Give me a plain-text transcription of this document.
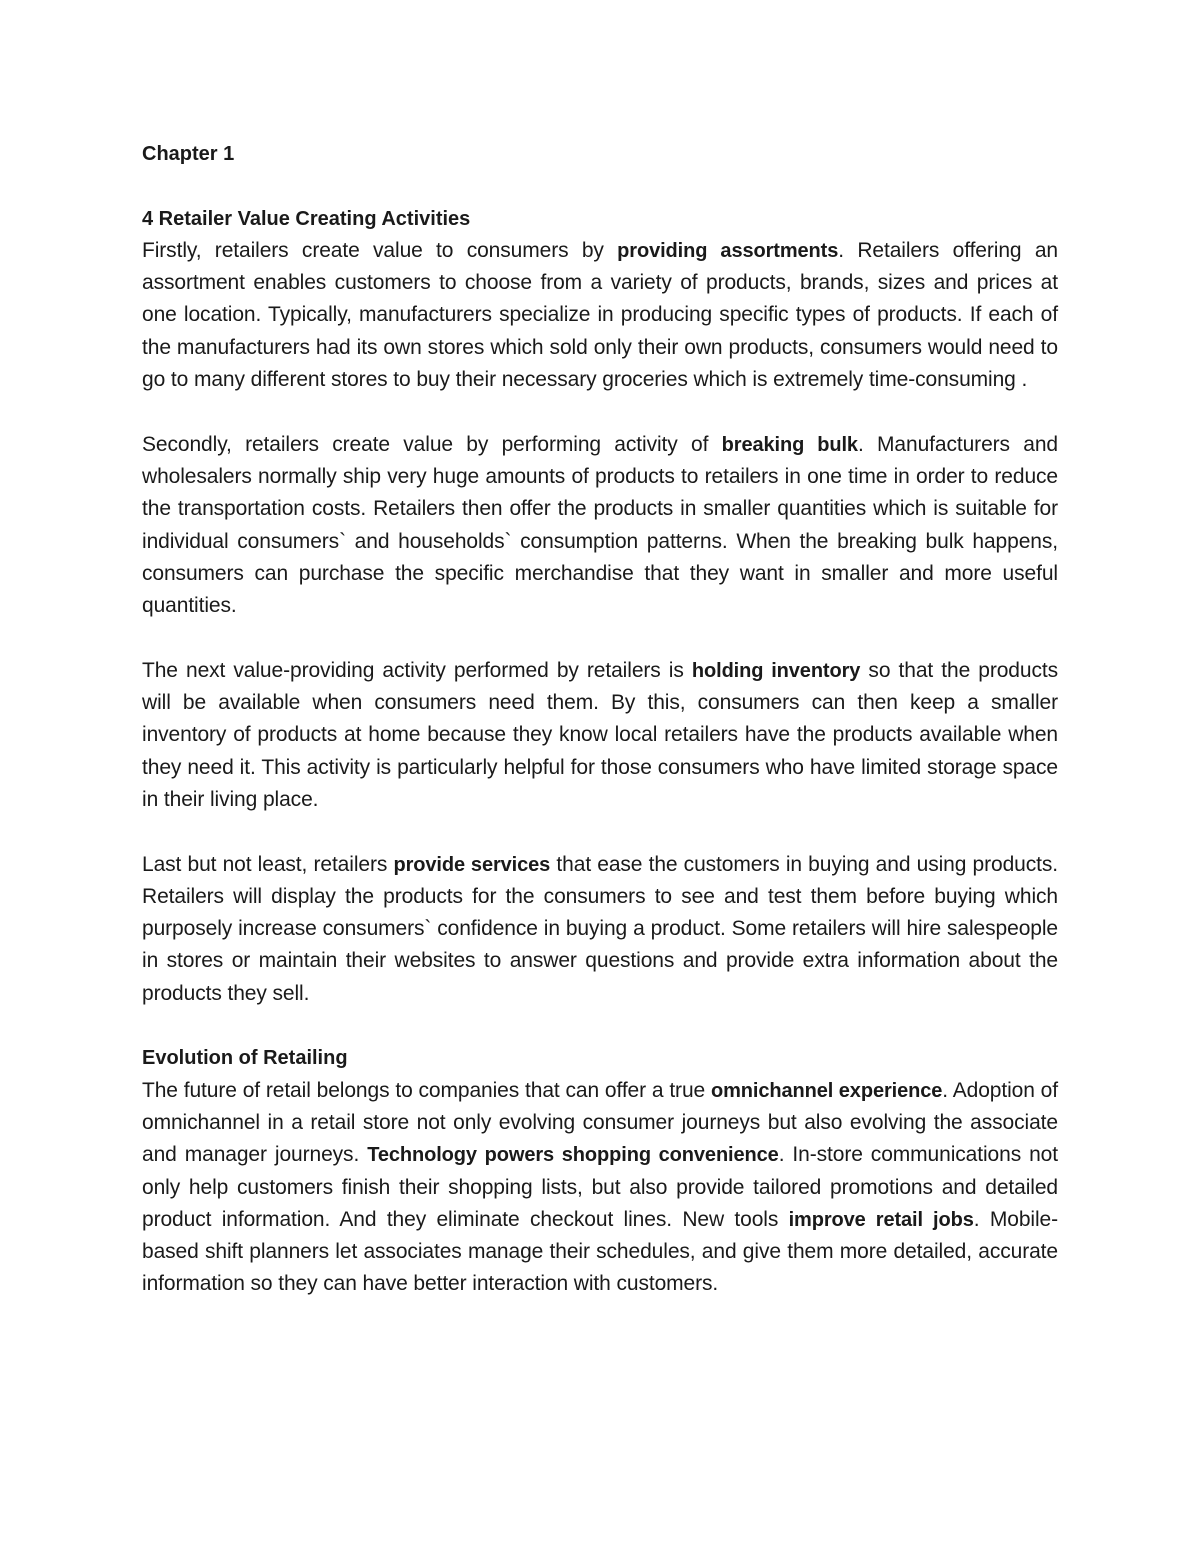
Chapter 1

4 Retailer Value Creating Activities

Firstly, retailers create value to consumers by providing assortments. Retailers offering an assortment enables customers to choose from a variety of products, brands, sizes and prices at one location. Typically, manufacturers specialize in producing specific types of products. If each of the manufacturers had its own stores which sold only their own products, consumers would need to go to many different stores to buy their necessary groceries which is extremely time-consuming .

Secondly, retailers create value by performing activity of breaking bulk. Manufacturers and wholesalers normally ship very huge amounts of products to retailers in one time in order to reduce the transportation costs. Retailers then offer the products in smaller quantities which is suitable for individual consumers` and households` consumption patterns. When the breaking bulk happens, consumers can purchase the specific merchandise that they want in smaller and more useful quantities.

The next value-providing activity performed by retailers is holding inventory so that the products will be available when consumers need them. By this, consumers can then keep a smaller inventory of products at home because they know local retailers have the products available when they need it. This activity is particularly helpful for those consumers who have limited storage space in their living place.

Last but not least, retailers provide services that ease the customers in buying and using products. Retailers will display the products for the consumers to see and test them before buying which purposely increase consumers` confidence in buying a product. Some retailers will hire salespeople in stores or maintain their websites to answer questions and provide extra information about the products they sell.

Evolution of Retailing

The future of retail belongs to companies that can offer a true omnichannel experience. Adoption of omnichannel in a retail store not only evolving consumer journeys but also evolving the associate and manager journeys. Technology powers shopping convenience. In-store communications not only help customers finish their shopping lists, but also provide tailored promotions and detailed product information. And they eliminate checkout lines. New tools improve retail jobs. Mobile-based shift planners let associates manage their schedules, and give them more detailed, accurate information so they can have better interaction with customers.
